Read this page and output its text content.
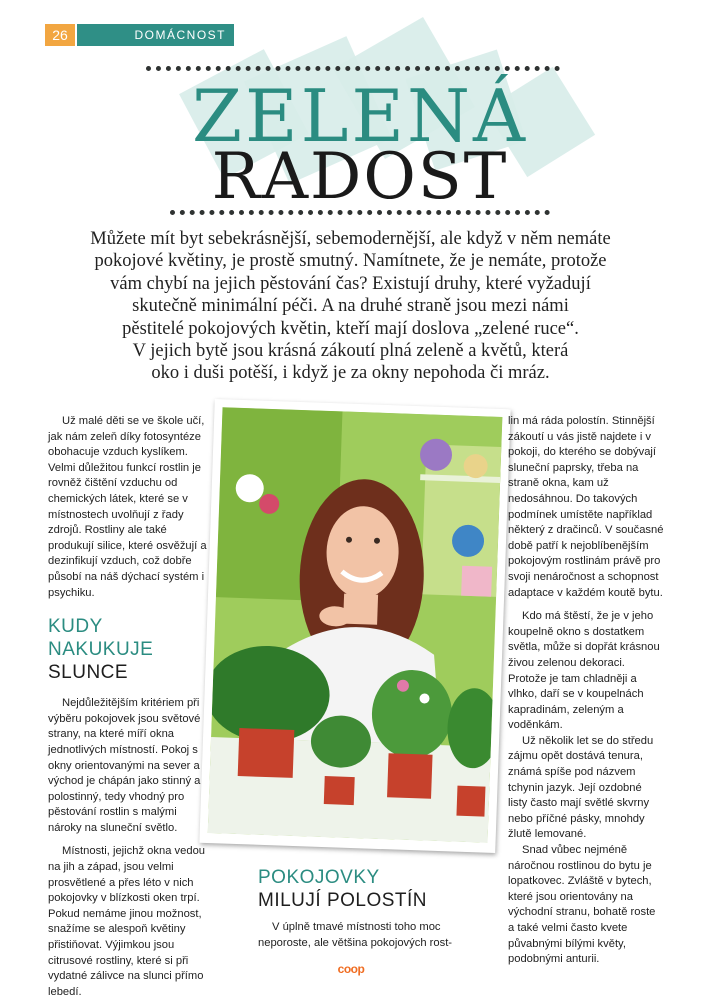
26	DOMÁCNOST
ZELENÁ
RADOST
Můžete mít byt sebekrásnější, sebemodernější, ale když v něm nemáte
pokojové květiny, je prostě smutný. Namítnete, že je nemáte, protože
vám chybí na jejich pěstování čas? Existují druhy, které vyžadují
skutečně minimální péči. A na druhé straně jsou mezi námi
pěstitelé pokojových květin, kteří mají doslova „zelené ruce“.
V jejich bytě jsou krásná zákoutí plná zeleně a květů, která
oko i duši potěší, i když je za okny nepohoda či mráz.

Už malé děti se ve škole učí, jak nám zeleň díky fotosyntéze obohacuje vzduch kyslíkem. Velmi důležitou funkcí rostlin je rovněž čištění vzduchu od chemických látek, které se v místnostech uvolňují z řady zdrojů. Rostliny ale také produkují silice, které osvěžují a dezinfikují vzduch, což dobře působí na náš dýchací systém i psychiku.

KUDY
NAKUKUJE
SLUNCE

Nejdůležitějším kritériem při výběru pokojovek jsou světové strany, na které míří okna jednotlivých místností. Pokoj s okny orientovanými na sever a východ je chápán jako stinný a polostinný, tedy vhodný pro pěstování rostlin s malými nároky na sluneční světlo.

Místnosti, jejichž okna vedou na jih a západ, jsou velmi prosvětlené a přes léto v nich pokojovky v blízkosti oken trpí. Pokud nemáme jinou možnost, snažíme se alespoň květiny přistiňovat. Výjimkou jsou citrusové rostliny, které si při vydatné zálivce na slunci přímo lebedí.

POKOJOVKY
MILUJÍ POLOSTÍN

V úplně tmavé místnosti toho moc neporoste, ale většina pokojových rost-

lin má ráda polostín. Stinnější zákoutí u vás jistě najdete i v pokoji, do kterého se dobývají sluneční paprsky, třeba na straně okna, kam už nedosáhnou. Do takových podmínek umístěte například některý z dračinců. V současné době patří k nejoblíbenějším pokojovým rostlinám právě pro svoji nenáročnost a schopnost adaptace v každém koutě bytu.

Kdo má štěstí, že je v jeho koupelně okno s dostatkem světla, může si dopřát krásnou živou zelenou dekoraci. Protože je tam chladněji a vlhko, daří se v koupelnách kapradinám, zeleným a voděnkám.

Už několik let se do středu zájmu opět dostává tenura, známá spíše pod názvem tchynin jazyk. Její ozdobné listy často mají světlé skvrny nebo příčné pásky, mnohdy žlutě lemované.

Snad vůbec nejméně náročnou rostlinou do bytu je lopatkovec. Zvláště v bytech, které jsou orientovány na východní stranu, bohatě roste a také velmi často kvete půvabnými bílými květy, podobnými anturii.

coop
